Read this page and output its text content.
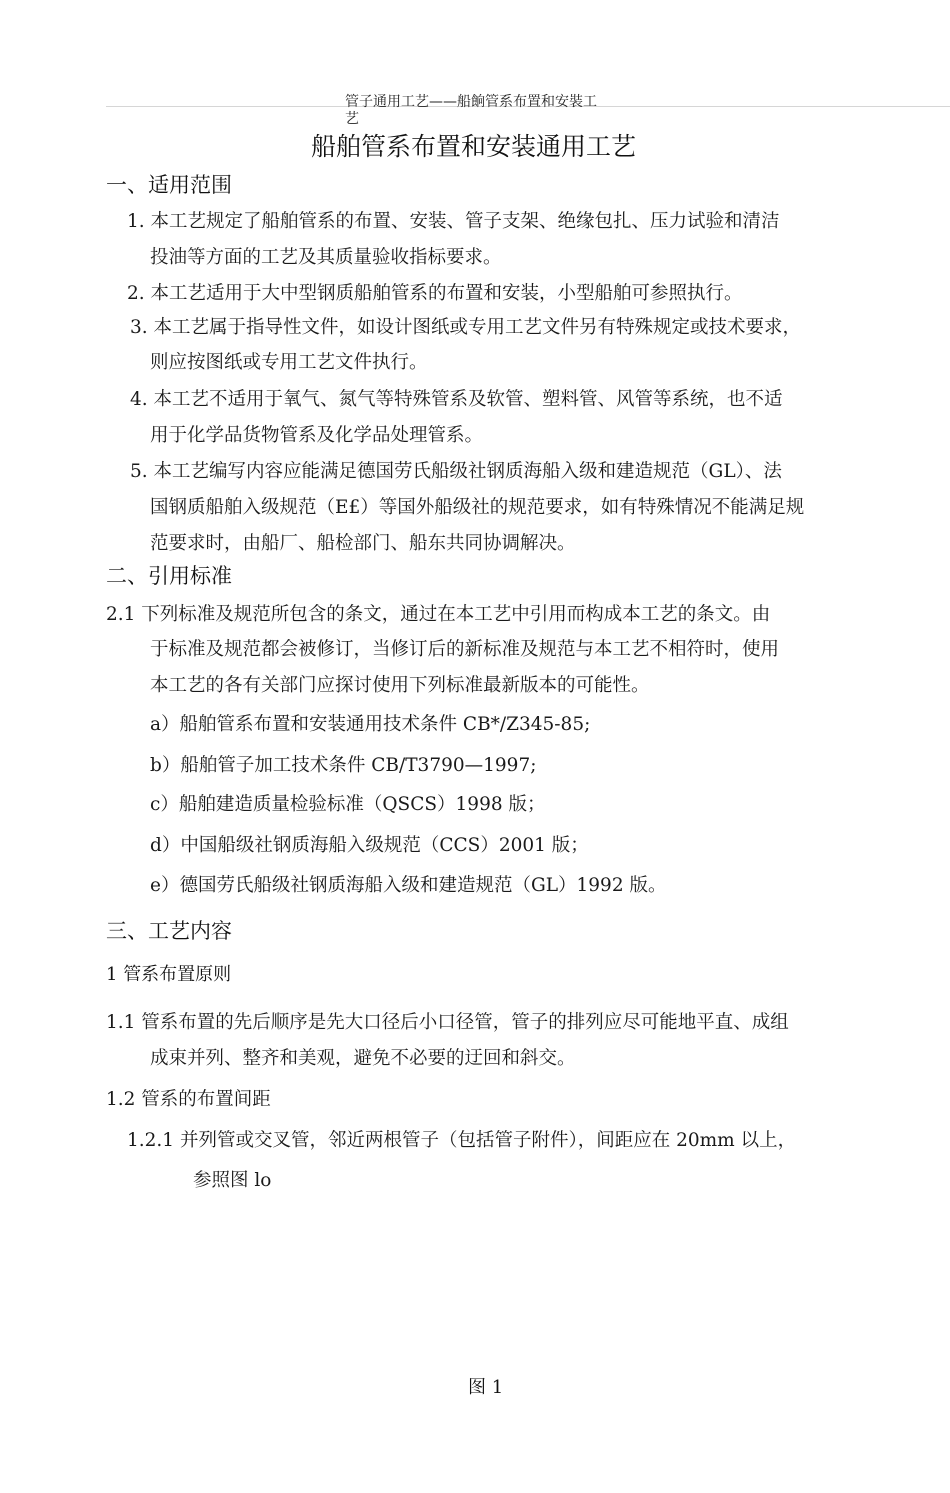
管子通用工艺——船餉管系布置和安裝工
艺
船舶管系布置和安装通用工艺
一、适用范围
1. 本工艺规定了船舶管系的布置、安装、管子支架、绝缘包扎、压力试验和清洁
投油等方面的工艺及其质量验收指标要求。
2. 本工艺适用于大中型钢质船舶管系的布置和安装，小型船舶可参照执行。
3. 本工艺属于指导性文件，如设计图纸或专用工艺文件另有特殊规定或技术要求，
则应按图纸或专用工艺文件执行。
4. 本工艺不适用于氧气、氮气等特殊管系及软管、塑料管、风管等系统，也不适
用于化学品货物管系及化学品处理管系。
5. 本工艺编写内容应能满足德国劳氏船级社钢质海船入级和建造规范（GL）、法
国钢质船舶入级规范（E£）等国外船级社的规范要求，如有特殊情况不能满足规
范要求时，由船厂、船检部门、船东共同协调解决。
二、引用标准
2.1 下列标准及规范所包含的条文，通过在本工艺中引用而构成本工艺的条文。由
于标准及规范都会被修订，当修订后的新标准及规范与本工艺不相符时，使用
本工艺的各有关部门应探讨使用下列标准最新版本的可能性。
a）船舶管系布置和安装通用技术条件 CB*/Z345-85;
b）船舶管子加工技术条件 CB/T3790—1997;
c）船舶建造质量检验标准（QSCS）1998 版；
d）中国船级社钢质海船入级规范（CCS）2001 版；
e）德国劳氏船级社钢质海船入级和建造规范（GL）1992 版。
三、工艺内容
1 管系布置原则
1.1 管系布置的先后顺序是先大口径后小口径管，管子的排列应尽可能地平直、成组
成束并列、整齐和美观，避免不必要的迂回和斜交。
1.2 管系的布置间距
1.2.1 并列管或交叉管，邻近两根管子（包括管子附件），间距应在 20mm 以上，
参照图 lo
图 1
